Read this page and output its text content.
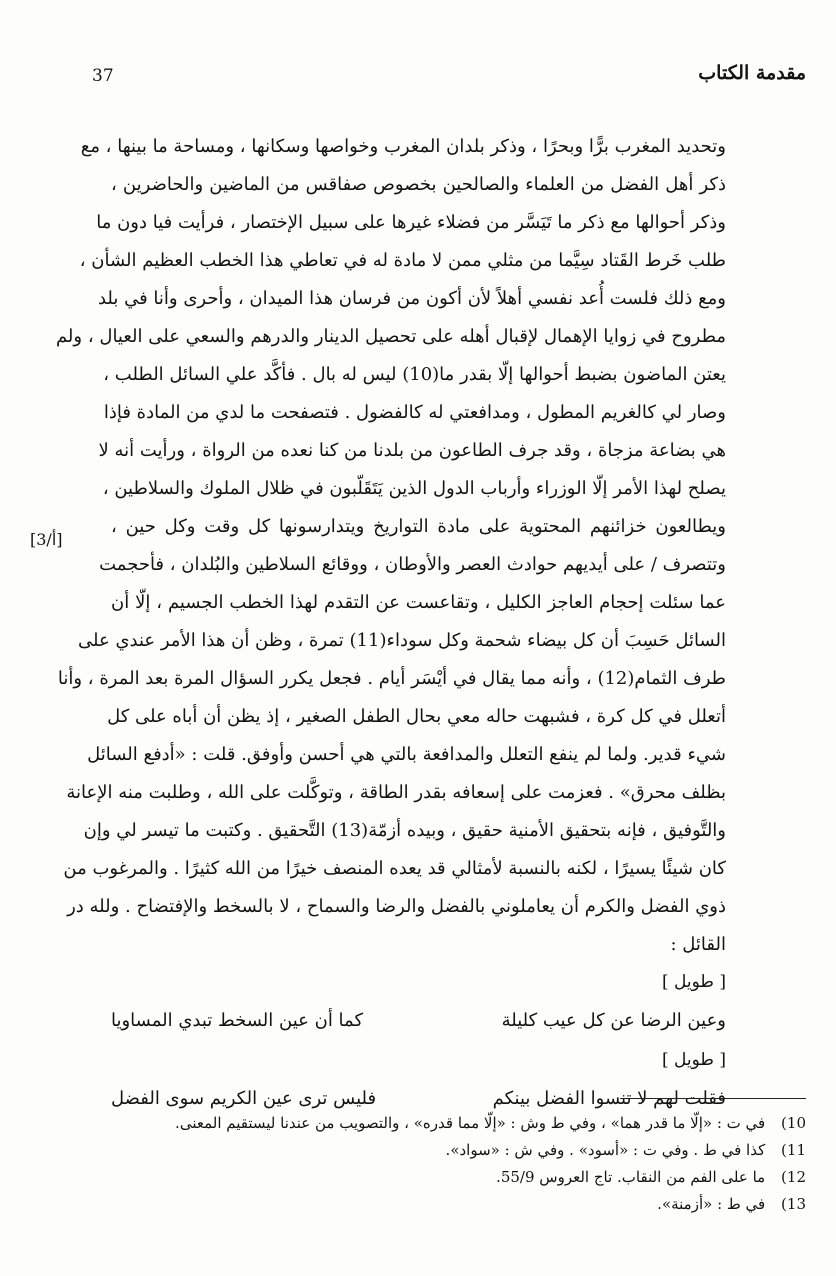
مقدمة الكتاب
37
[3/أ]
وتحديد المغرب برًّا وبحرًا ، وذكر بلدان المغرب وخواصها وسكانها ، ومساحة ما بينها ، مع
ذكر أهل الفضل من العلماء والصالحين بخصوص صفاقس من الماضين والحاضرين ،
وذكر أحوالها مع ذكر ما تَيَسَّر من فضلاء غيرها على سبيل الإختصار ، فرأيت فيا دون ما
طلب خَرط القَتاد سِيَّما من مثلي ممن لا مادة له في تعاطي هذا الخطب العظيم الشأن ،
ومع ذلك فلست أُعد نفسي أهلاً لأن أكون من فرسان هذا الميدان ، وأحرى وأنا في بلد
مطروح في زوايا الإهمال لإقبال أهله على تحصيل الدينار والدرهم والسعي على العيال ، ولم
يعتن الماضون بضبط أحوالها إلّا بقدر ما(10) ليس له بال . فأكَّد علي السائل الطلب ،
وصار لي كالغريم المطول ، ومدافعتي له كالفضول . فتصفحت ما لدي من المادة فإذا
هي بضاعة مزجاة ، وقد جرف الطاعون من بلدنا من كنا نعده من الرواة ، ورأيت أنه لا
يصلح لهذا الأمر إلّا الوزراء وأرباب الدول الذين يَتَقَلّبون في ظلال الملوك والسلاطين ،
ويطالعون خزائنهم المحتوية على مادة التواريخ ويتدارسونها كل وقت وكل حين ،
وتتصرف / على أيديهم حوادث العصر والأوطان ، ووقائع السلاطين والبُلدان ، فأحجمت
عما سئلت إحجام العاجز الكليل ، وتقاعست عن التقدم لهذا الخطب الجسيم ، إلّا أن
السائل حَسِبَ أن كل بيضاء شحمة وكل سوداء(11) تمرة ، وظن أن هذا الأمر عندي على
طرف الثمام(12) ، وأنه مما يقال في أيْسَر أيام . فجعل يكرر السؤال المرة بعد المرة ، وأنا
أتعلل في كل كرة ، فشبهت حاله معي بحال الطفل الصغير ، إذ يظن أن أباه على كل
شيء قدير. ولما لم ينفع التعلل والمدافعة بالتي هي أحسن وأوفق. قلت : «أدفع السائل
بظلف محرق» . فعزمت على إسعافه بقدر الطاقة ، وتوكَّلت على الله ، وطلبت منه الإعانة
والتَّوفيق ، فإنه بتحقيق الأمنية حقيق ، وبيده أزمّة(13) التَّحقيق . وكتبت ما تيسر لي وإن
كان شيئًا يسيرًا ، لكنه بالنسبة لأمثالي قد يعده المنصف خيرًا من الله كثيرًا . والمرغوب من
ذوي الفضل والكرم أن يعاملوني بالفضل والرضا والسماح ، لا بالسخط والإفتضاح . ولله در
القائل :
[ طويل ]
وعين الرضا عن كل عيب كليلة
كما أن عين السخط تبدي المساويا
[ طويل ]
فقلت لهم لا تنسوا الفضل بينكم
فليس ترى عين الكريم سوى الفضل
10) في ت : «إلّا ما قدر هما» ، وفي ط وش : «إلّا مما قدره» ، والتصويب من عندنا ليستقيم المعنى.
11) كذا في ط . وفي ت : «أسود» . وفي ش : «سواد».
12) ما على الفم من النقاب. تاج العروس 55/9.
13) في ط : «أزمنة».
